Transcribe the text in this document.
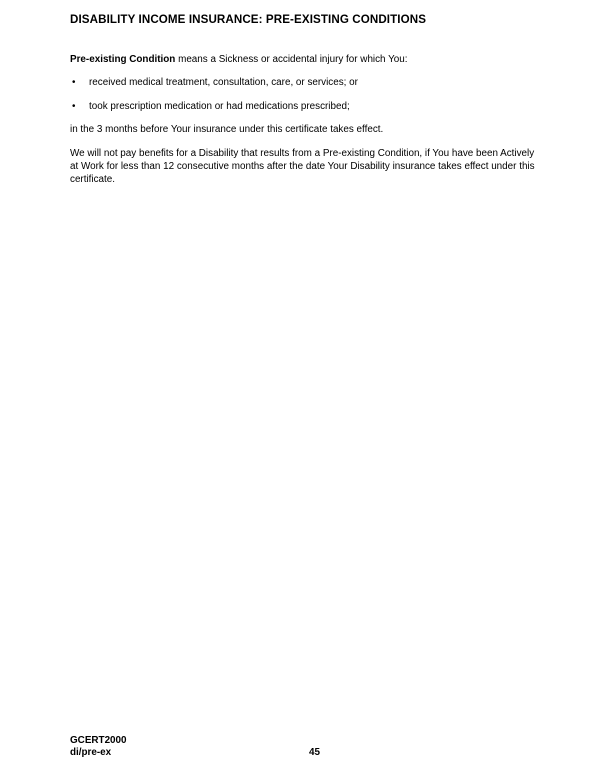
DISABILITY INCOME INSURANCE: PRE-EXISTING CONDITIONS

Pre-existing Condition means a Sickness or accidental injury for which You:

• received medical treatment, consultation, care, or services; or
• took prescription medication or had medications prescribed;

in the 3 months before Your insurance under this certificate takes effect.

We will not pay benefits for a Disability that results from a Pre-existing Condition, if You have been Actively at Work for less than 12 consecutive months after the date Your Disability insurance takes effect under this certificate.

GCERT2000
di/pre-ex	45
